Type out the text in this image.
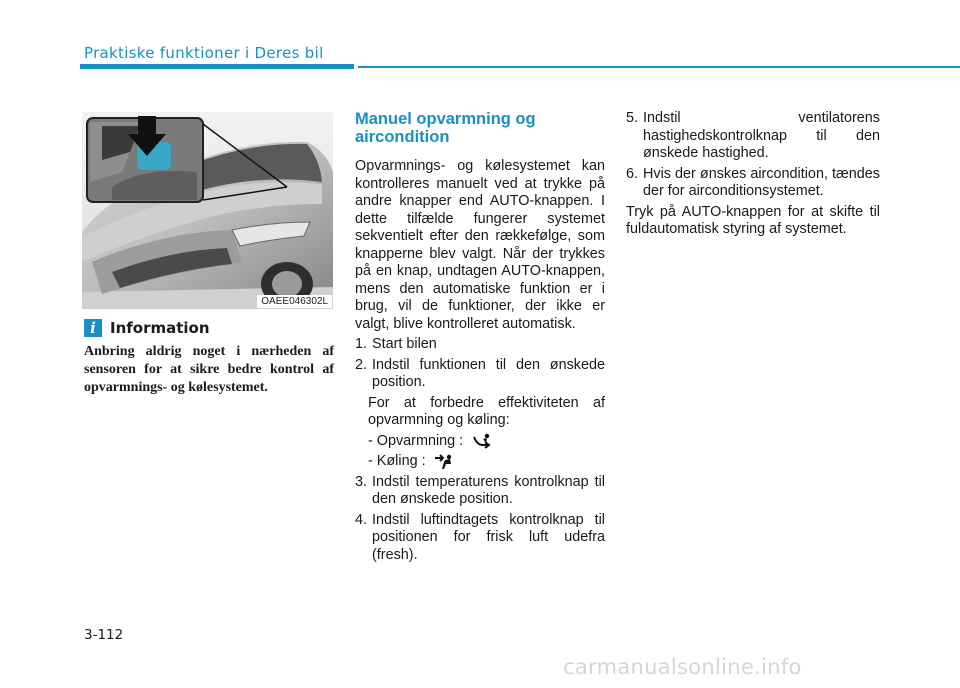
Praktiske funktioner i Deres bil
OAEE046302L
i Information
Anbring aldrig noget i nærheden af sensoren for at sikre bedre kontrol af opvarmnings- og kølesystemet.
Manuel opvarmning og aircondition
Opvarmnings- og kølesystemet kan kontrolleres manuelt ved at trykke på andre knapper end AUTO-knappen. I dette tilfælde fungerer systemet sekventielt efter den rækkefølge, som knapperne blev valgt. Når der trykkes på en knap, undtagen AUTO-knappen, mens den automatiske funktion er i brug, vil de funktioner, der ikke er valgt, blive kontrolleret automatisk.
1. Start bilen
2. Indstil funktionen til den ønskede position.
For at forbedre effektiviteten af opvarmning og køling:
- Opvarmning :
- Køling :
3. Indstil temperaturens kontrolknap til den ønskede position.
4. Indstil luftindtagets kontrolknap til positionen for frisk luft udefra (fresh).
5. Indstil ventilatorens hastighedskontrolknap til den ønskede hastighed.
6. Hvis der ønskes aircondition, tændes der for airconditionsystemet.
Tryk på AUTO-knappen for at skifte til fuldautomatisk styring af systemet.
3-112
carmanualsonline.info
